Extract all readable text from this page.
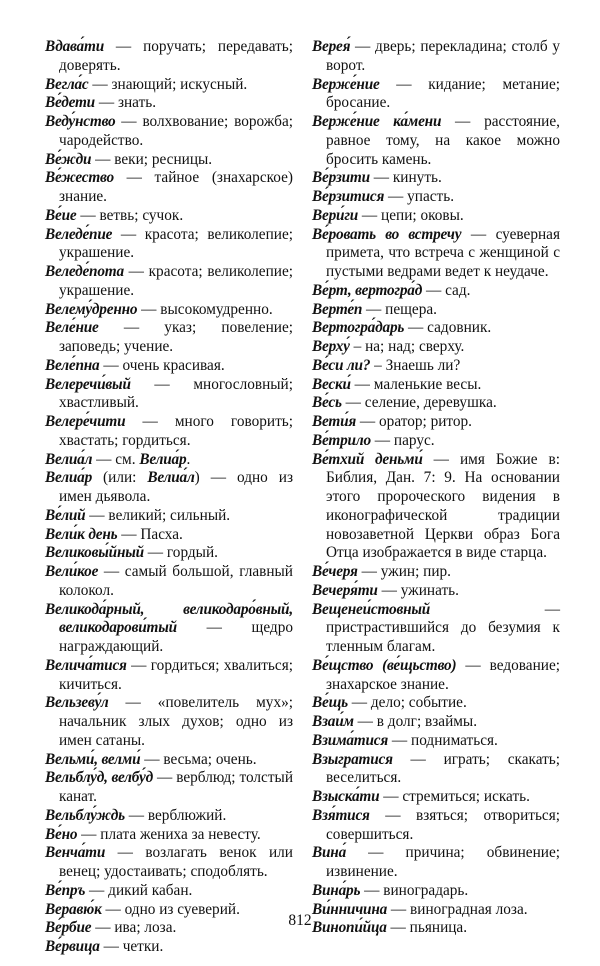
Вдава́ти — поручать; передавать; доверять.

Вегла́с — знающий; искусный.

Ве́дети — знать.

Веду́нство — волхвование; ворожба; чародейство.

Ве́жди — веки; ресницы.

Ве́жество — тайное (знахарское) знание.

Ве́ие — ветвь; сучок.

Веледе́пие — красота; великолепие; украшение.

Веледе́пота — красота; великолепие; украшение.

Велему́дренно — высокомудренно.

Веле́ние — указ; повеление; заповедь; учение.

Веле́пна — очень красивая.

Велеречи́вый — многословный; хвастливый.

Велере́чити — много говорить; хвастать; гордиться.

Велиа́л — см. Велиа́р.

Велиа́р (или: Велиа́л) — одно из имен дьявола.

Ве́лий — великий; сильный.

Вели́к день — Пасха.

Великовы́йный — гордый.

Вели́кое — самый большой, главный колокол.

Великода́рный, великодаро́вный, великодарови́тый — щедро награждающий.

Велича́тися — гордиться; хвалиться; кичиться.

Вельзеву́л — «повелитель мух»; начальник злых духов; одно из имен сатаны.

Вельми́, велми́ — весьма; очень.

Вельблу́д, велбу́д — верблюд; толстый канат.

Вельблу́ждь — верблюжий.

Ве́но — плата жениха за невесту.

Венча́ти — возлагать венок или венец; удостаивать; сподоблять.

Ве́пръ — дикий кабан.

Веравю́к — одно из суеверий.

Ве́рбие — ива; лоза.

Ве́рвица — четки.

Верея́ — дверь; перекладина; столб у ворот.

Верже́ние — кидание; метание; бросание.

Верже́ние ка́мени — расстояние, равное тому, на какое можно бросить камень.

Ве́рзити — кинуть.

Ве́рзитися — упасть.

Вери́ги — цепи; оковы.

Ве́ровать во встречу — суеверная примета, что встреча с женщиной с пустыми ведрами ведет к неудаче.

Ве́рт, вертогра́д — сад.

Верте́п — пещера.

Вертогра́дарь — садовник.

Верху́ – на; над; сверху.

Ве́си ли? – Знаешь ли?

Вески́ — маленькие весы.

Ве́сь — селение, деревушка.

Вети́я — оратор; ритор.

Ве́трило — парус.

Ве́тхий деньми́ — имя Божие в: Библия, Дан. 7: 9. На основании этого пророческого видения в иконографической традиции новозаветной Церкви образ Бога Отца изображается в виде старца.

Ве́черя — ужин; пир.

Вечеря́ти — ужинать.

Вещенеи́стовный — пристрастившийся до безумия к тленным благам.

Ве́щство (ве́щьство) — ведование; знахарское знание.

Ве́щь — дело; событие.

Взаи́м — в долг; взаймы.

Взима́тися — подниматься.

Взыгратися — играть; скакать; веселиться.

Взыска́ти — стремиться; искать.

Взя́тися — взяться; отвориться; совершиться.

Вина́ — причина; обвинение; извинение.

Вина́рь — виноградарь.

Ви́нничина — виноградная лоза.

Винопи́йца — пьяница.

812
